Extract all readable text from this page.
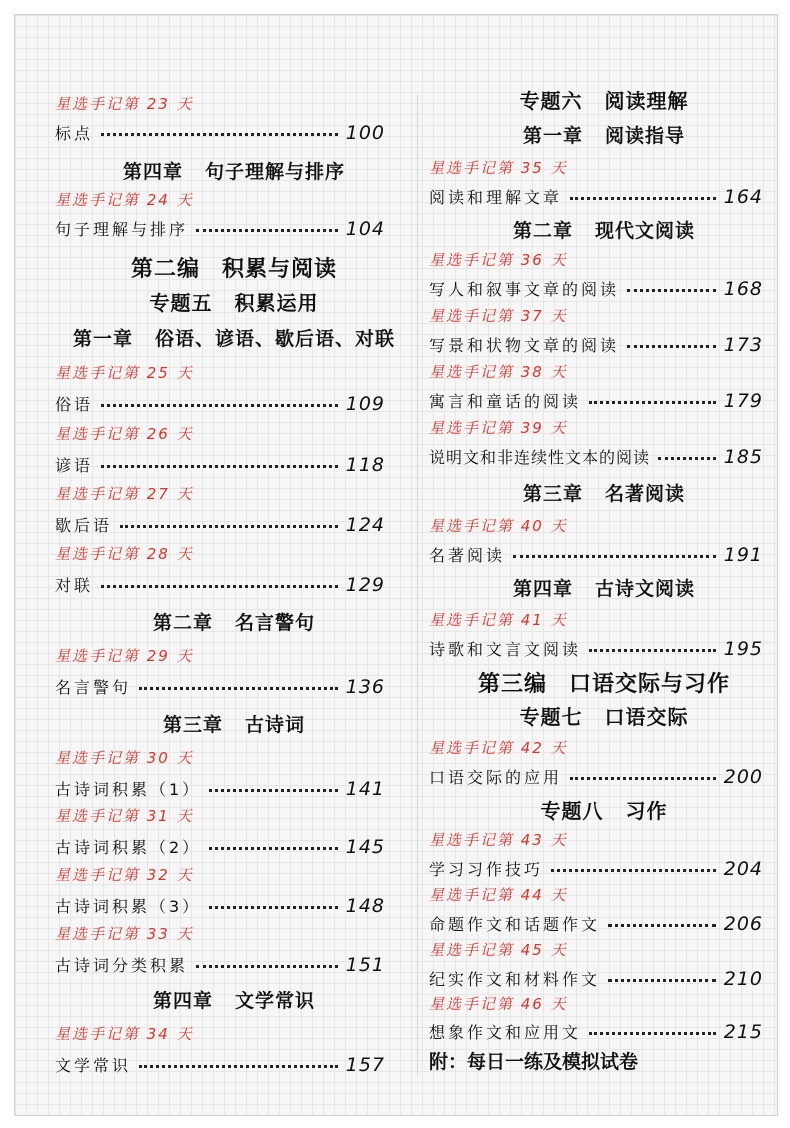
星选手记第 23 天
标点	100
第四章 句子理解与排序
星选手记第 24 天
句子理解与排序	104
第二编 积累与阅读
专题五 积累运用
第一章 俗语、谚语、歇后语、对联
星选手记第 25 天
俗语	109
星选手记第 26 天
谚语	118
星选手记第 27 天
歇后语	124
星选手记第 28 天
对联	129
第二章 名言警句
星选手记第 29 天
名言警句	136
第三章 古诗词
星选手记第 30 天
古诗词积累（1）	141
星选手记第 31 天
古诗词积累（2）	145
星选手记第 32 天
古诗词积累（3）	148
星选手记第 33 天
古诗词分类积累	151
第四章 文学常识
星选手记第 34 天
文学常识	157
专题六 阅读理解
第一章 阅读指导
星选手记第 35 天
阅读和理解文章	164
第二章 现代文阅读
星选手记第 36 天
写人和叙事文章的阅读	168
星选手记第 37 天
写景和状物文章的阅读	173
星选手记第 38 天
寓言和童话的阅读	179
星选手记第 39 天
说明文和非连续性文本的阅读	185
第三章 名著阅读
星选手记第 40 天
名著阅读	191
第四章 古诗文阅读
星选手记第 41 天
诗歌和文言文阅读	195
第三编 口语交际与习作
专题七 口语交际
星选手记第 42 天
口语交际的应用	200
专题八 习作
星选手记第 43 天
学习习作技巧	204
星选手记第 44 天
命题作文和话题作文	206
星选手记第 45 天
纪实作文和材料作文	210
星选手记第 46 天
想象作文和应用文	215
附：每日一练及模拟试卷
